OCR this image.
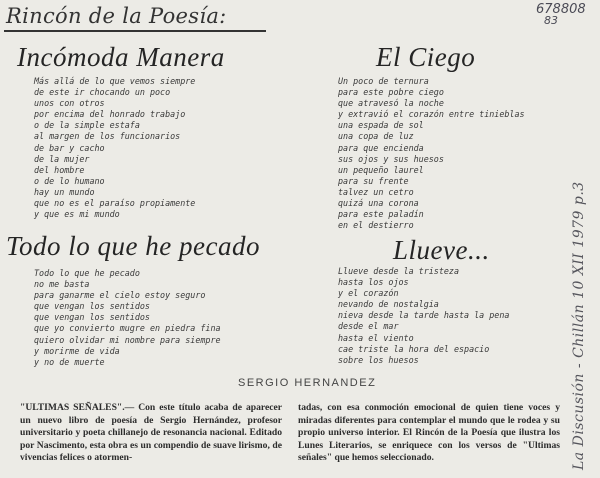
Rincón de la Poesía:	678808
83
Incómoda Manera
Más allá de lo que vemos siempre
de este ir chocando un poco
unos con otros
por encima del honrado trabajo
o de la simple estafa
al margen de los funcionarios
de bar y cacho
de la mujer
del hombre
o de lo humano
hay un mundo
que no es el paraíso propiamente
y que es mi mundo
El Ciego
Un poco de ternura
para este pobre ciego
que atravesó la noche
y extravió el corazón entre tinieblas
una espada de sol
una copa de luz
para que encienda
sus ojos y sus huesos
un pequeño laurel
para su frente
talvez un cetro
quizá una corona
para este paladín
en el destierro
Todo lo que he pecado
Todo lo que he pecado
no me basta
para ganarme el cielo estoy seguro
que vengan los sentidos
que vengan los sentidos
que yo convierto mugre en piedra fina
quiero olvidar mi nombre para siempre
y morirme de vida
y no de muerte
Llueve...
Llueve desde la tristeza
hasta los ojos
y el corazón
nevando de nostalgia
nieva desde la tarde hasta la pena
desde el mar
hasta el viento
cae triste la hora del espacio
sobre los huesos
SERGIO HERNANDEZ
"ULTIMAS SEÑALES".— Con este título acaba de aparecer un nuevo libro de poesía de Sergio Hernández, profesor universitario y poeta chillanejo de resonancia nacional. Editado por Nascimento, esta obra es un compendio de suave lirismo, de vivencias felices o atormen-
tadas, con esa conmoción emocional de quien tiene voces y miradas diferentes para contemplar el mundo que le rodea y su propio universo interior. El Rincón de la Poesía que ilustra los Lunes Literarios, se enriquece con los versos de "Ultimas señales" que hemos seleccionado.	La Discusión - Chillán 10 XII 1979 p.3
